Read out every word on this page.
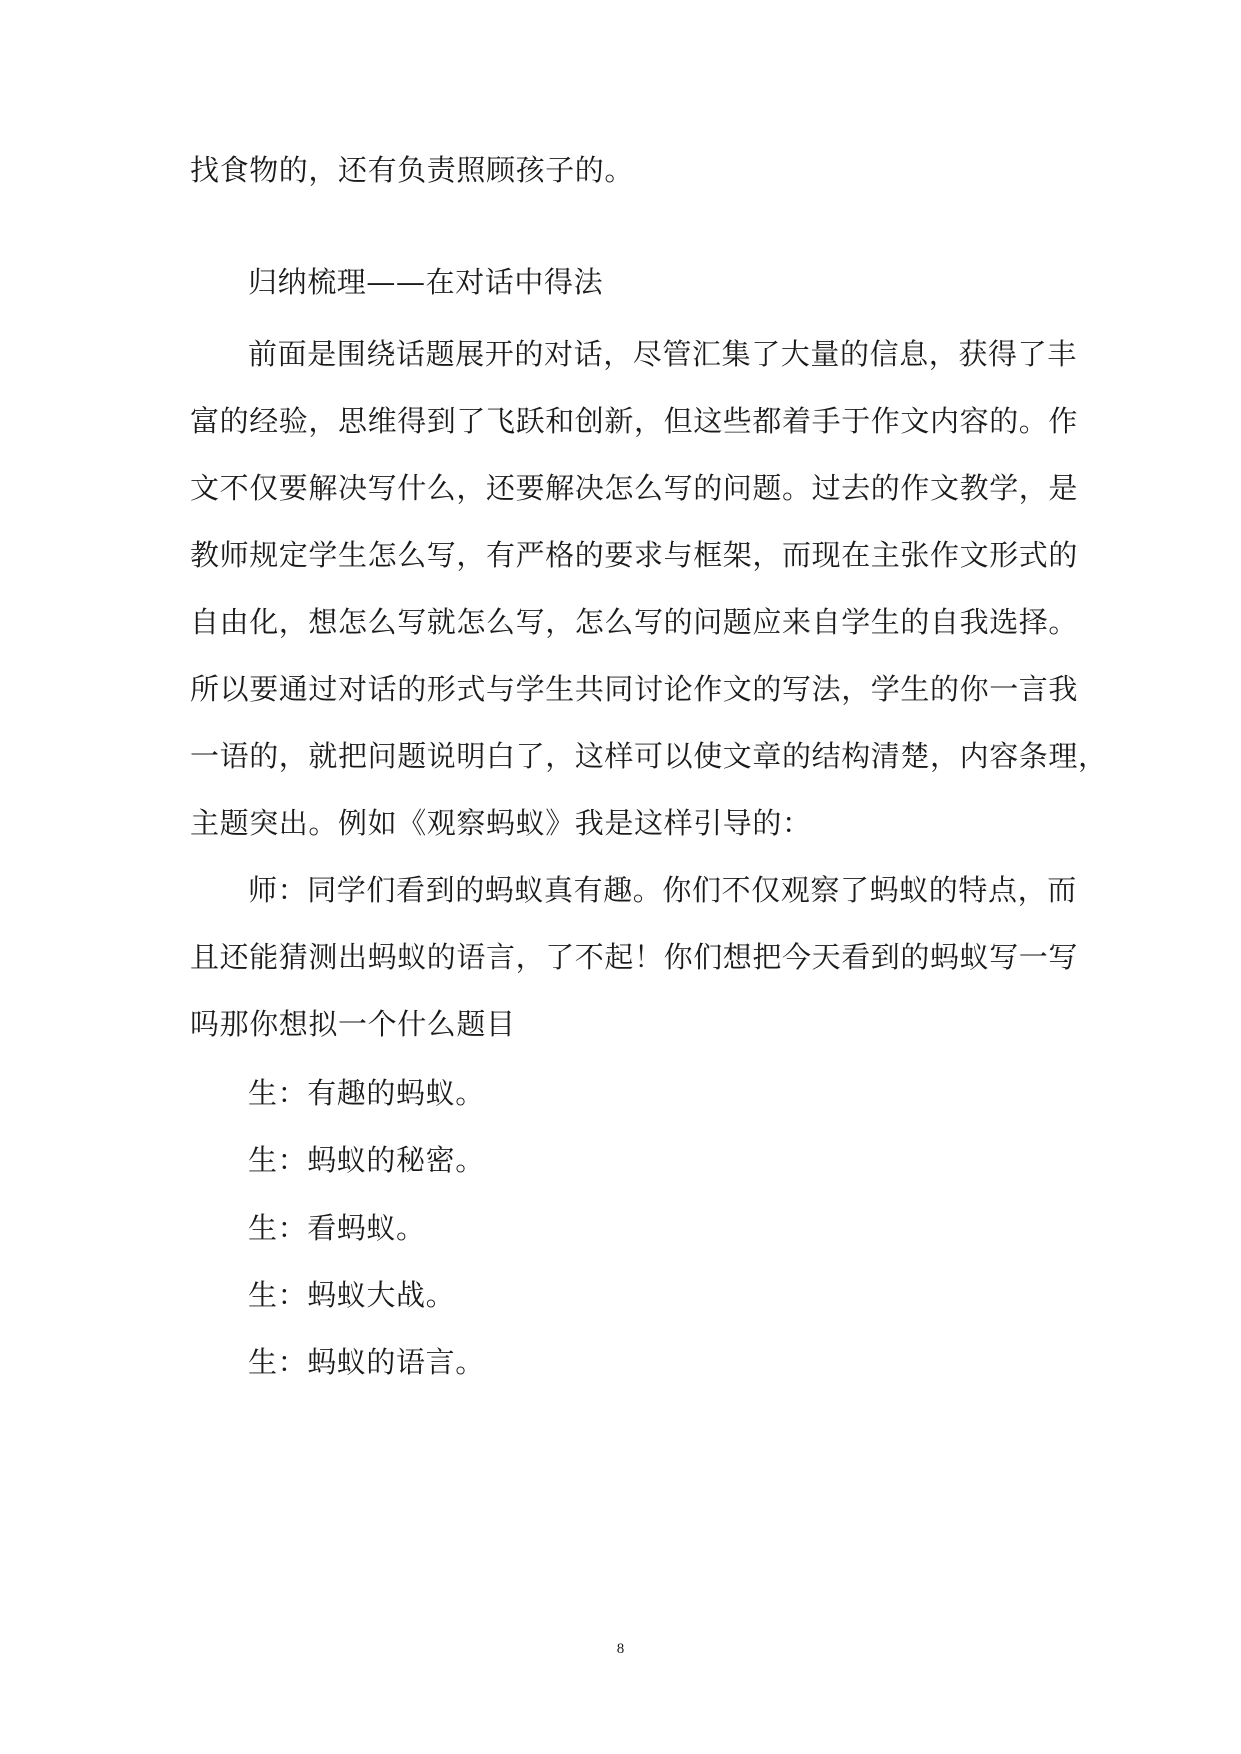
找食物的，还有负责照顾孩子的。
归纳梳理——在对话中得法
前面是围绕话题展开的对话，尽管汇集了大量的信息，获得了丰
富的经验，思维得到了飞跃和创新，但这些都着手于作文内容的。作
文不仅要解决写什么，还要解决怎么写的问题。过去的作文教学，是
教师规定学生怎么写，有严格的要求与框架，而现在主张作文形式的
自由化，想怎么写就怎么写，怎么写的问题应来自学生的自我选择。
所以要通过对话的形式与学生共同讨论作文的写法，学生的你一言我
一语的，就把问题说明白了，这样可以使文章的结构清楚，内容条理，
主题突出。例如《观察蚂蚁》我是这样引导的：
师：同学们看到的蚂蚁真有趣。你们不仅观察了蚂蚁的特点，而
且还能猜测出蚂蚁的语言，了不起！你们想把今天看到的蚂蚁写一写
吗那你想拟一个什么题目
生：有趣的蚂蚁。
生：蚂蚁的秘密。
生：看蚂蚁。
生：蚂蚁大战。
生：蚂蚁的语言。
8
